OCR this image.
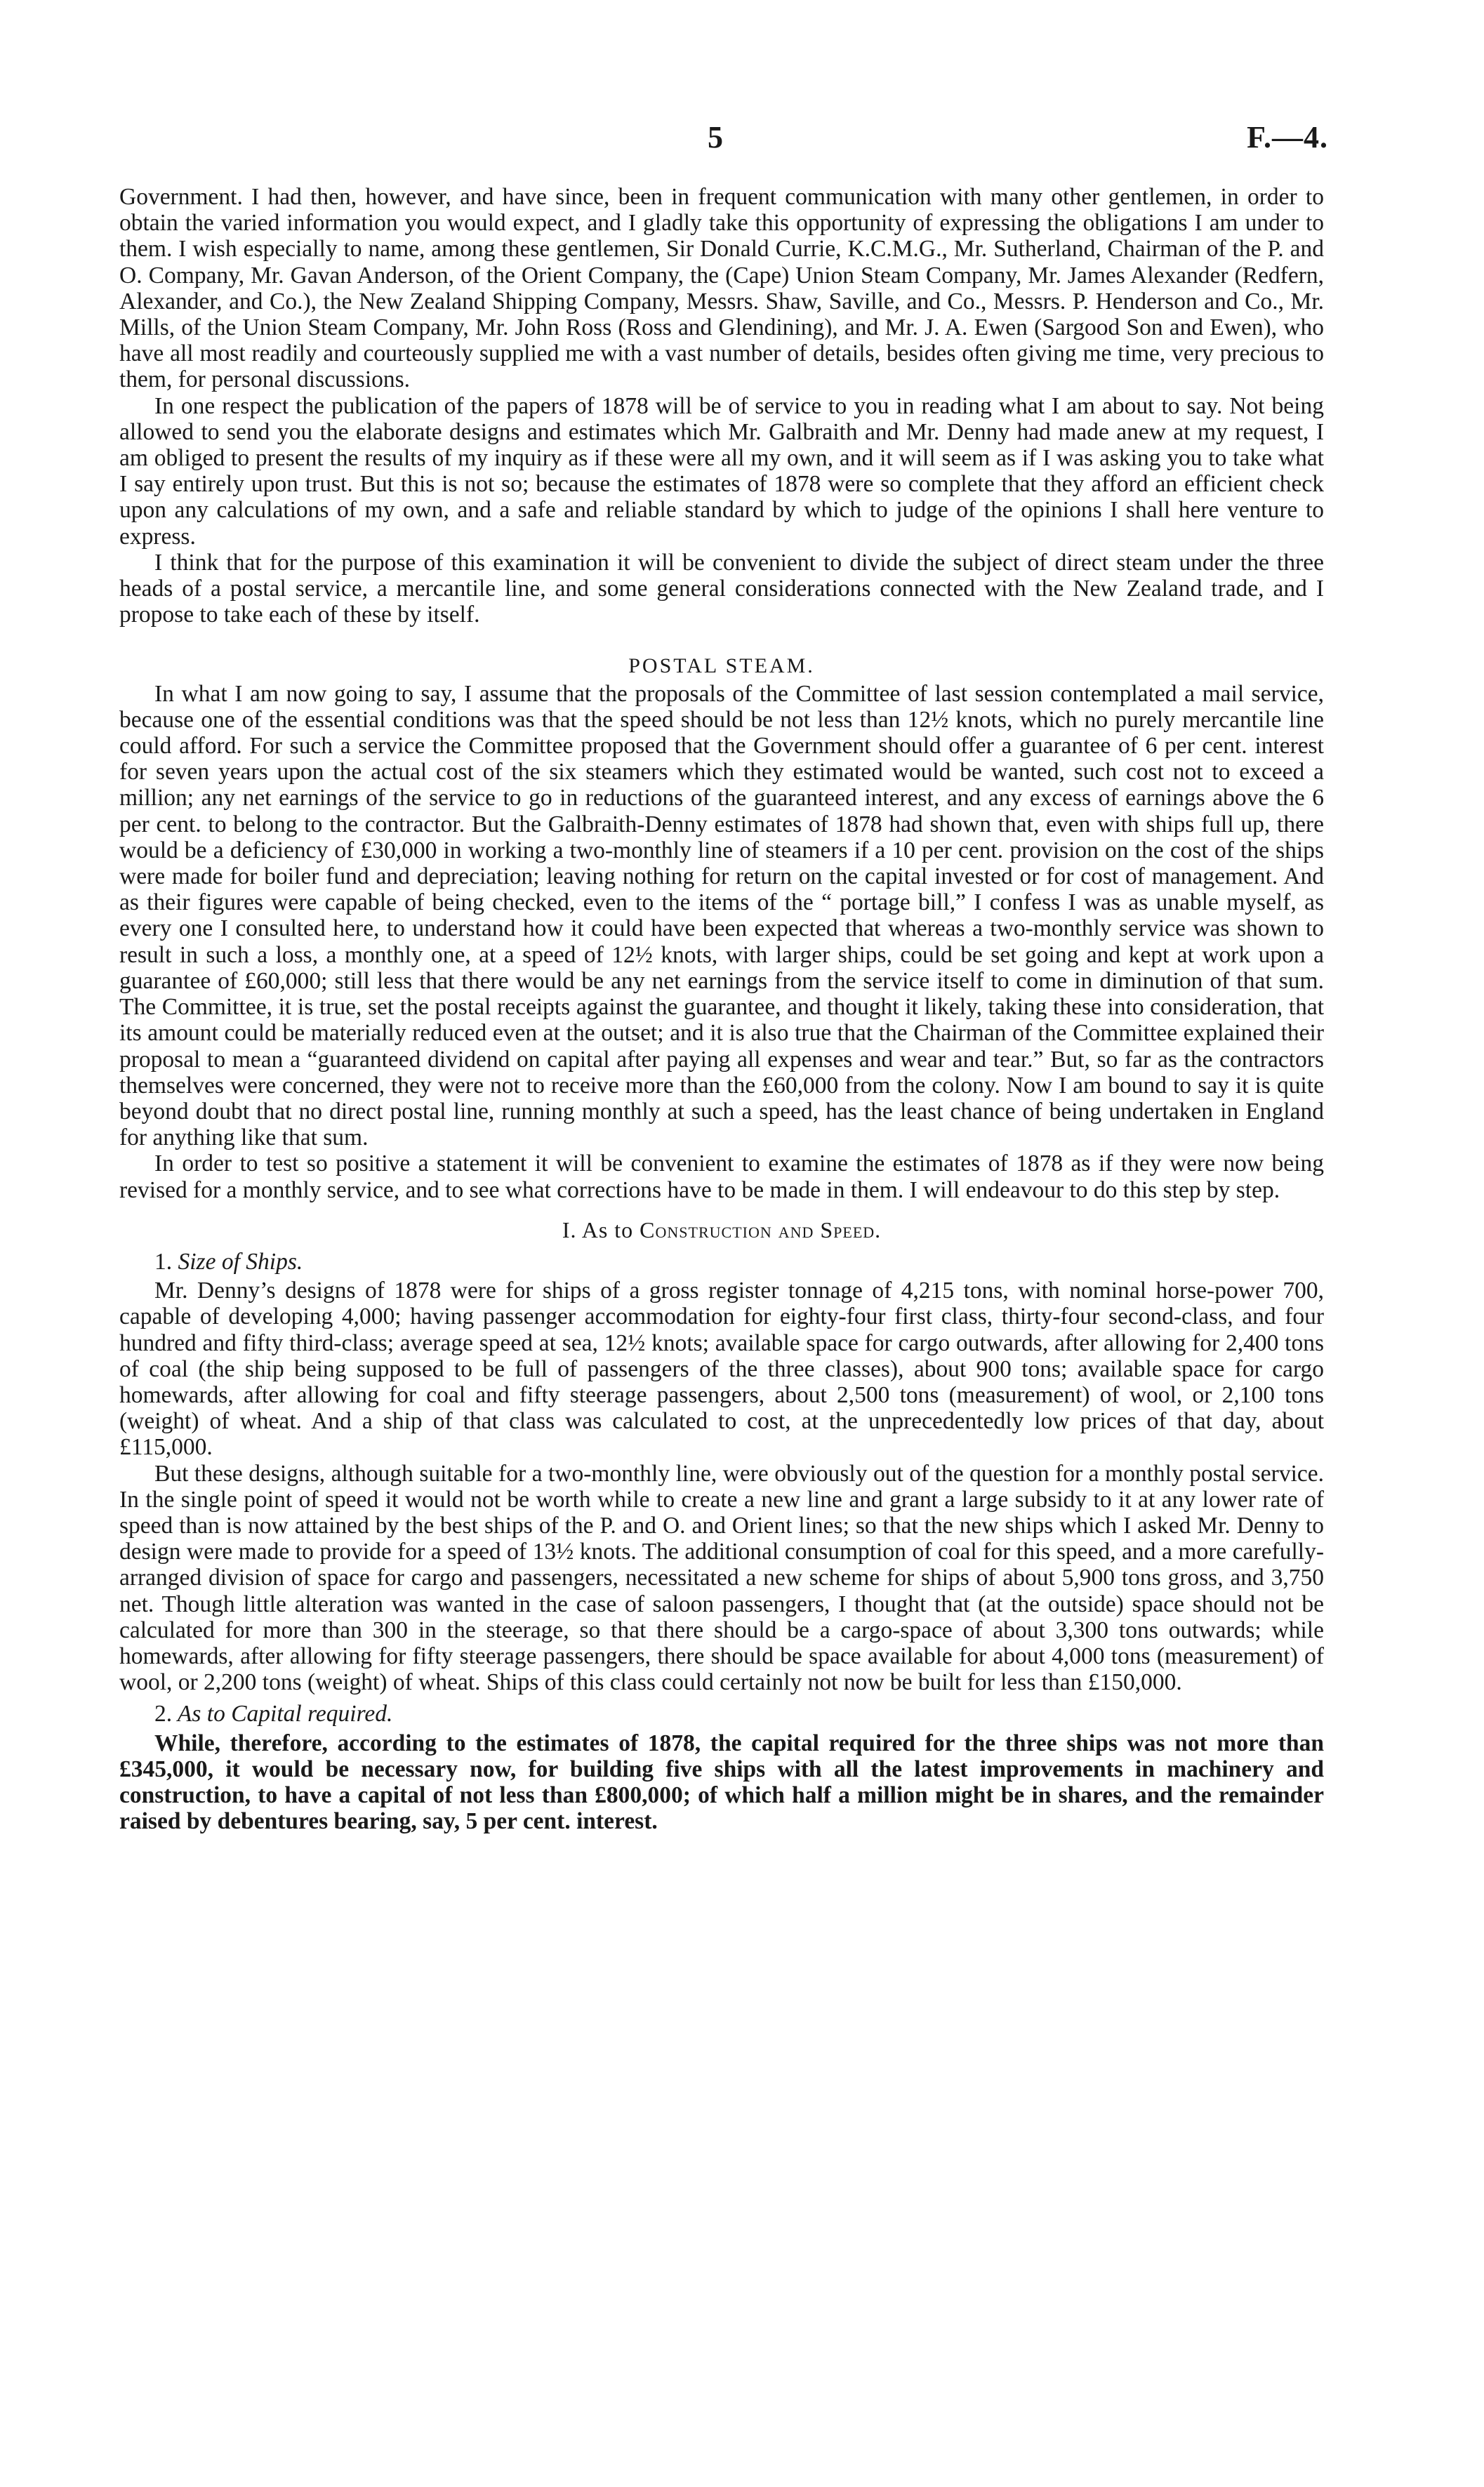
5	F.—4.

Government. I had then, however, and have since, been in frequent communication with many other gentlemen, in order to obtain the varied information you would expect, and I gladly take this opportunity of expressing the obligations I am under to them. I wish especially to name, among these gentlemen, Sir Donald Currie, K.C.M.G., Mr. Sutherland, Chairman of the P. and O. Company, Mr. Gavan Anderson, of the Orient Company, the (Cape) Union Steam Company, Mr. James Alexander (Redfern, Alexander, and Co.), the New Zealand Shipping Company, Messrs. Shaw, Saville, and Co., Messrs. P. Henderson and Co., Mr. Mills, of the Union Steam Company, Mr. John Ross (Ross and Glendining), and Mr. J. A. Ewen (Sargood Son and Ewen), who have all most readily and courteously supplied me with a vast number of details, besides often giving me time, very precious to them, for personal discussions.

In one respect the publication of the papers of 1878 will be of service to you in reading what I am about to say. Not being allowed to send you the elaborate designs and estimates which Mr. Galbraith and Mr. Denny had made anew at my request, I am obliged to present the results of my inquiry as if these were all my own, and it will seem as if I was asking you to take what I say entirely upon trust. But this is not so; because the estimates of 1878 were so complete that they afford an efficient check upon any calculations of my own, and a safe and reliable standard by which to judge of the opinions I shall here venture to express.

I think that for the purpose of this examination it will be convenient to divide the subject of direct steam under the three heads of a postal service, a mercantile line, and some general considerations connected with the New Zealand trade, and I propose to take each of these by itself.

POSTAL STEAM.

In what I am now going to say, I assume that the proposals of the Committee of last session contemplated a mail service, because one of the essential conditions was that the speed should be not less than 12½ knots, which no purely mercantile line could afford. For such a service the Committee proposed that the Government should offer a guarantee of 6 per cent. interest for seven years upon the actual cost of the six steamers which they estimated would be wanted, such cost not to exceed a million; any net earnings of the service to go in reductions of the guaranteed interest, and any excess of earnings above the 6 per cent. to belong to the contractor. But the Galbraith-Denny estimates of 1878 had shown that, even with ships full up, there would be a deficiency of £30,000 in working a two-monthly line of steamers if a 10 per cent. provision on the cost of the ships were made for boiler fund and depreciation; leaving nothing for return on the capital invested or for cost of management. And as their figures were capable of being checked, even to the items of the “ portage bill,” I confess I was as unable myself, as every one I consulted here, to understand how it could have been expected that whereas a two-monthly service was shown to result in such a loss, a monthly one, at a speed of 12½ knots, with larger ships, could be set going and kept at work upon a guarantee of £60,000; still less that there would be any net earnings from the service itself to come in diminution of that sum. The Committee, it is true, set the postal receipts against the guarantee, and thought it likely, taking these into consideration, that its amount could be materially reduced even at the outset; and it is also true that the Chairman of the Committee explained their proposal to mean a “guaranteed dividend on capital after paying all expenses and wear and tear.” But, so far as the contractors themselves were concerned, they were not to receive more than the £60,000 from the colony. Now I am bound to say it is quite beyond doubt that no direct postal line, running monthly at such a speed, has the least chance of being undertaken in England for anything like that sum.

In order to test so positive a statement it will be convenient to examine the estimates of 1878 as if they were now being revised for a monthly service, and to see what corrections have to be made in them. I will endeavour to do this step by step.

I. As to Construction and Speed.
1. Size of Ships.

Mr. Denny’s designs of 1878 were for ships of a gross register tonnage of 4,215 tons, with nominal horse-power 700, capable of developing 4,000; having passenger accommodation for eighty-four first class, thirty-four second-class, and four hundred and fifty third-class; average speed at sea, 12½ knots; available space for cargo outwards, after allowing for 2,400 tons of coal (the ship being supposed to be full of passengers of the three classes), about 900 tons; available space for cargo homewards, after allowing for coal and fifty steerage passengers, about 2,500 tons (measurement) of wool, or 2,100 tons (weight) of wheat. And a ship of that class was calculated to cost, at the unprecedentedly low prices of that day, about £115,000.

But these designs, although suitable for a two-monthly line, were obviously out of the question for a monthly postal service. In the single point of speed it would not be worth while to create a new line and grant a large subsidy to it at any lower rate of speed than is now attained by the best ships of the P. and O. and Orient lines; so that the new ships which I asked Mr. Denny to design were made to provide for a speed of 13½ knots. The additional consumption of coal for this speed, and a more carefully-arranged division of space for cargo and passengers, necessitated a new scheme for ships of about 5,900 tons gross, and 3,750 net. Though little alteration was wanted in the case of saloon passengers, I thought that (at the outside) space should not be calculated for more than 300 in the steerage, so that there should be a cargo-space of about 3,300 tons outwards; while homewards, after allowing for fifty steerage passengers, there should be space available for about 4,000 tons (measurement) of wool, or 2,200 tons (weight) of wheat. Ships of this class could certainly not now be built for less than £150,000.

2. As to Capital required.

While, therefore, according to the estimates of 1878, the capital required for the three ships was not more than £345,000, it would be necessary now, for building five ships with all the latest improvements in machinery and construction, to have a capital of not less than £800,000; of which half a million might be in shares, and the remainder raised by debentures bearing, say, 5 per cent. interest.
